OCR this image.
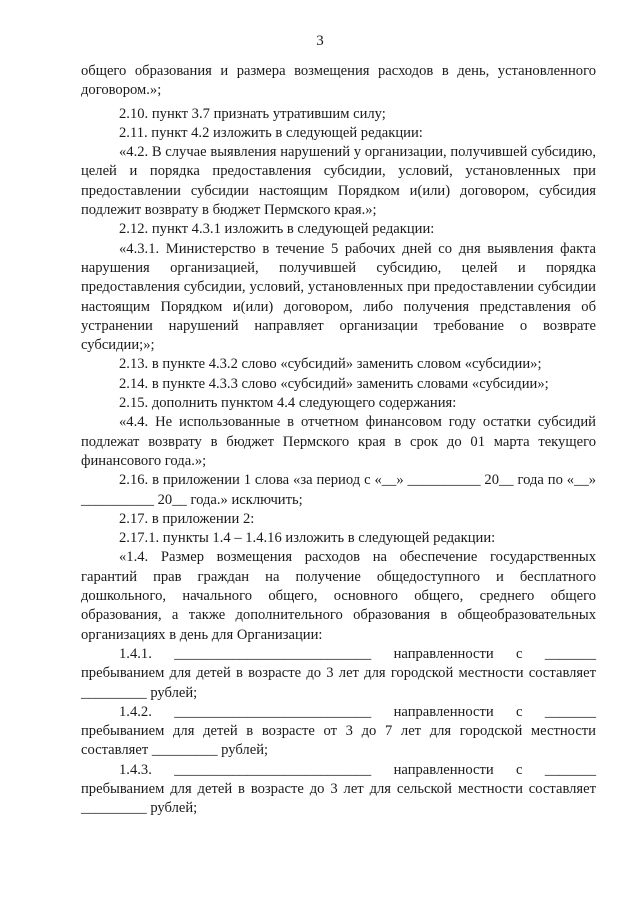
3

общего образования и размера возмещения расходов в день, установленного договором.»;

2.10. пункт 3.7 признать утратившим силу;

2.11. пункт 4.2 изложить в следующей редакции:

«4.2. В случае выявления нарушений у организации, получившей субсидию, целей и порядка предоставления субсидии, условий, установленных при предоставлении субсидии настоящим Порядком и(или) договором, субсидия подлежит возврату в бюджет Пермского края.»;

2.12. пункт 4.3.1 изложить в следующей редакции:

«4.3.1. Министерство в течение 5 рабочих дней со дня выявления факта нарушения организацией, получившей субсидию, целей и порядка предоставления субсидии, условий, установленных при предоставлении субсидии настоящим Порядком и(или) договором, либо получения представления об устранении нарушений направляет организации требование о возврате субсидии;»;

2.13. в пункте 4.3.2 слово «субсидий» заменить словом «субсидии»;

2.14. в пункте 4.3.3 слово «субсидий» заменить словами «субсидии»;

2.15. дополнить пунктом 4.4 следующего содержания:

«4.4. Не использованные в отчетном финансовом году остатки субсидий подлежат возврату в бюджет Пермского края в срок до 01 марта текущего финансового года.»;

2.16. в приложении 1 слова «за период с «__» __________ 20__ года по «__» __________ 20__ года.» исключить;

2.17. в приложении 2:

2.17.1. пункты 1.4 – 1.4.16 изложить в следующей редакции:

«1.4. Размер возмещения расходов на обеспечение государственных гарантий прав граждан на получение общедоступного и бесплатного дошкольного, начального общего, основного общего, среднего общего образования, а также дополнительного образования в общеобразовательных организациях в день для Организации:

1.4.1. ___________________________ направленности с _______ пребыванием для детей в возрасте до 3 лет для городской местности составляет _________ рублей;

1.4.2. ___________________________ направленности с _______ пребыванием для детей в возрасте от 3 до 7 лет для городской местности составляет _________ рублей;

1.4.3. ___________________________ направленности с _______ пребыванием для детей в возрасте до 3 лет для сельской местности составляет _________ рублей;
